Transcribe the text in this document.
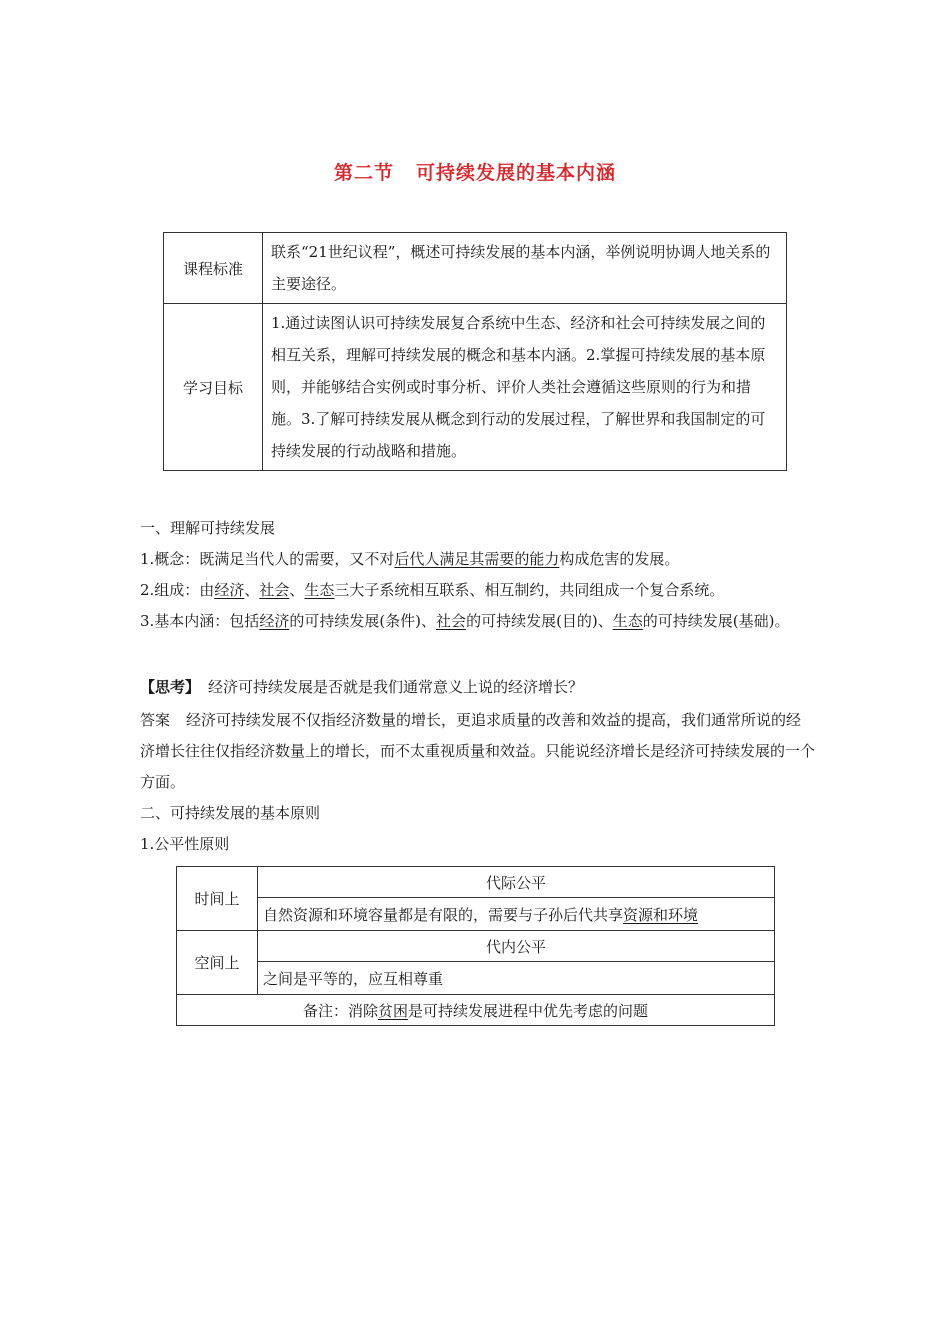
第二节 可持续发展的基本内涵
课程标准	联系“21世纪议程”，概述可持续发展的基本内涵，举例说明协调人地关系的主要途径。
学习目标	1.通过读图认识可持续发展复合系统中生态、经济和社会可持续发展之间的相互关系，理解可持续发展的概念和基本内涵。2.掌握可持续发展的基本原则，并能够结合实例或时事分析、评价人类社会遵循这些原则的行为和措施。3.了解可持续发展从概念到行动的发展过程，了解世界和我国制定的可持续发展的行动战略和措施。
一、理解可持续发展
1.概念：既满足当代人的需要，又不对后代人满足其需要的能力构成危害的发展。
2.组成：由经济、社会、生态三大子系统相互联系、相互制约，共同组成一个复合系统。
3.基本内涵：包括经济的可持续发展(条件)、社会的可持续发展(目的)、生态的可持续发展(基础)。
【思考】 经济可持续发展是否就是我们通常意义上说的经济增长？
答案 经济可持续发展不仅指经济数量的增长，更追求质量的改善和效益的提高，我们通常所说的经济增长往往仅指经济数量上的增长，而不太重视质量和效益。只能说经济增长是经济可持续发展的一个方面。
二、可持续发展的基本原则
1.公平性原则
时间上	代际公平
	自然资源和环境容量都是有限的，需要与子孙后代共享资源和环境
空间上	代内公平
	之间是平等的，应互相尊重
备注：消除贫困是可持续发展进程中优先考虑的问题	
